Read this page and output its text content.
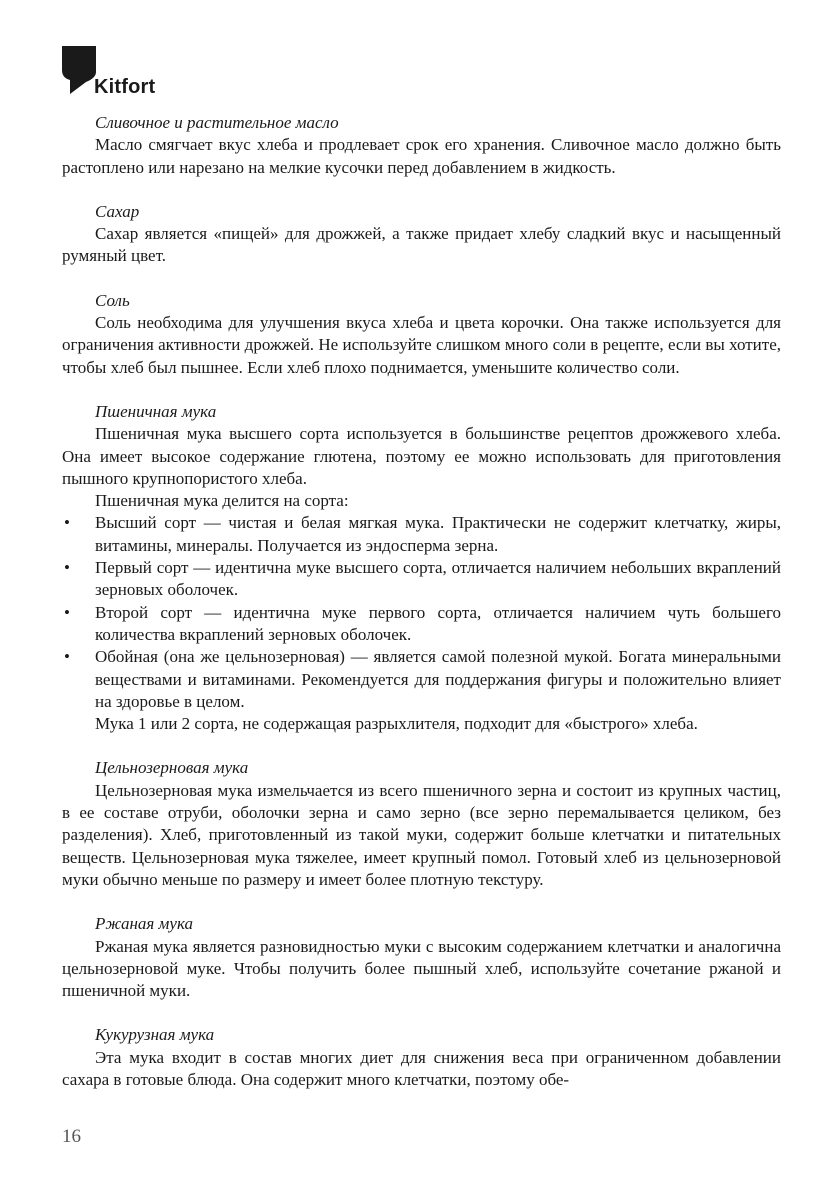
Kitfort
Сливочное и растительное масло

Масло смягчает вкус хлеба и продлевает срок его хранения. Сливочное масло должно быть растоплено или нарезано на мелкие кусочки перед добавлением в жидкость.

Сахар

Сахар является «пищей» для дрожжей, а также придает хлебу сладкий вкус и насыщенный румяный цвет.

Соль

Соль необходима для улучшения вкуса хлеба и цвета корочки. Она также используется для ограничения активности дрожжей. Не используйте слишком много соли в рецепте, если вы хотите, чтобы хлеб был пышнее. Если хлеб плохо поднимается, уменьшите количество соли.

Пшеничная мука

Пшеничная мука высшего сорта используется в большинстве рецептов дрожжевого хлеба. Она имеет высокое содержание глютена, поэтому ее можно использовать для приготовления пышного крупнопористого хлеба.

Пшеничная мука делится на сорта:

• Высший сорт — чистая и белая мягкая мука. Практически не содержит клетчатку, жиры, витамины, минералы. Получается из эндосперма зерна.
• Первый сорт — идентична муке высшего сорта, отличается наличием небольших вкраплений зерновых оболочек.
• Второй сорт — идентична муке первого сорта, отличается наличием чуть большего количества вкраплений зерновых оболочек.
• Обойная (она же цельнозерновая) — является самой полезной мукой. Богата минеральными веществами и витаминами. Рекомендуется для поддержания фигуры и положительно влияет на здоровье в целом.

Мука 1 или 2 сорта, не содержащая разрыхлителя, подходит для «быстрого» хлеба.

Цельнозерновая мука

Цельнозерновая мука измельчается из всего пшеничного зерна и состоит из крупных частиц, в ее составе отруби, оболочки зерна и само зерно (все зерно перемалывается целиком, без разделения). Хлеб, приготовленный из такой муки, содержит больше клетчатки и питательных веществ. Цельнозерновая мука тяжелее, имеет крупный помол. Готовый хлеб из цельнозерновой муки обычно меньше по размеру и имеет более плотную текстуру.

Ржаная мука

Ржаная мука является разновидностью муки с высоким содержанием клетчатки и аналогична цельнозерновой муке. Чтобы получить более пышный хлеб, используйте сочетание ржаной и пшеничной муки.

Кукурузная мука

Эта мука входит в состав многих диет для снижения веса при ограниченном добавлении сахара в готовые блюда. Она содержит много клетчатки, поэтому обе-

16
